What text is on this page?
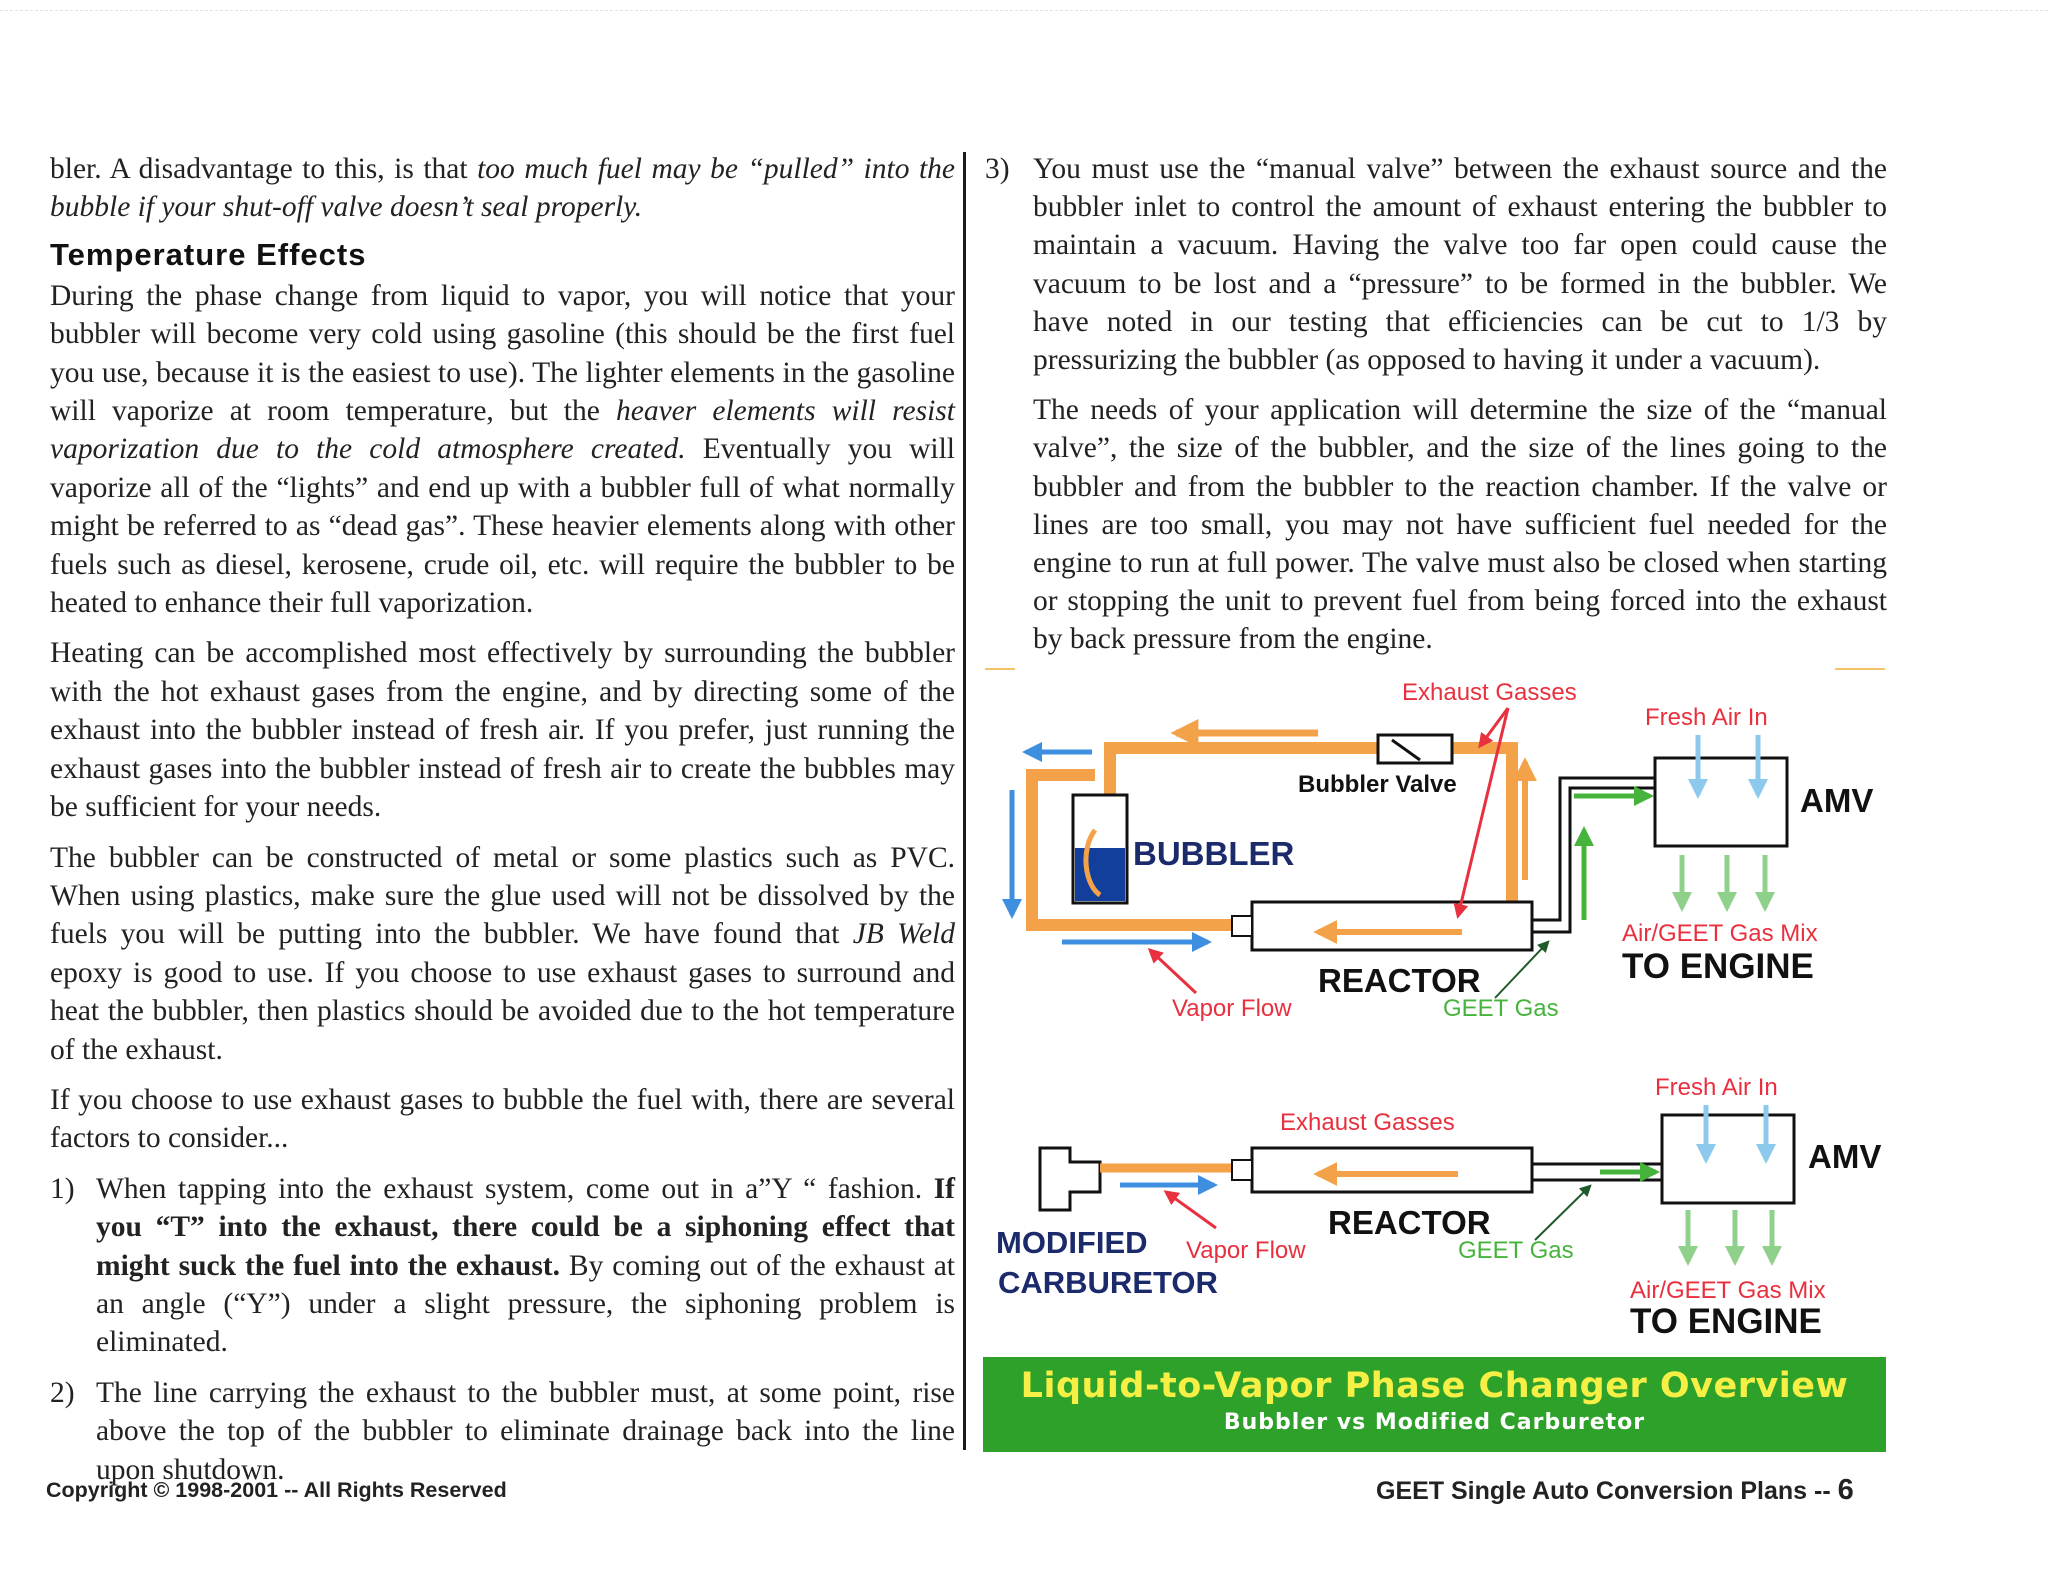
bler. A disadvantage to this, is that too much fuel may be “pulled” into the bubble if your shut-off valve doesn’t seal properly.

Temperature Effects

During the phase change from liquid to vapor, you will notice that your bubbler will become very cold using gasoline (this should be the first fuel you use, because it is the easiest to use). The lighter elements in the gasoline will vaporize at room temperature, but the heaver elements will resist vaporization due to the cold atmosphere created. Eventually you will vaporize all of the “lights” and end up with a bubbler full of what normally might be referred to as “dead gas”. These heavier elements along with other fuels such as diesel, kerosene, crude oil, etc. will require the bubbler to be heated to enhance their full vaporization.

Heating can be accomplished most effectively by surrounding the bubbler with the hot exhaust gases from the engine, and by directing some of the exhaust into the bubbler instead of fresh air. If you prefer, just running the exhaust gases into the bubbler instead of fresh air to create the bubbles may be sufficient for your needs.

The bubbler can be constructed of metal or some plastics such as PVC. When using plastics, make sure the glue used will not be dissolved by the fuels you will be putting into the bubbler. We have found that JB Weld epoxy is good to use. If you choose to use exhaust gases to surround and heat the bubbler, then plastics should be avoided due to the hot temperature of the exhaust.

If you choose to use exhaust gases to bubble the fuel with, there are several factors to consider...

1) When tapping into the exhaust system, come out in a”Y “ fashion. If you “T” into the exhaust, there could be a siphoning effect that might suck the fuel into the exhaust. By coming out of the exhaust at an angle (“Y”) under a slight pressure, the siphoning problem is eliminated.
2) The line carrying the exhaust to the bubbler must, at some point, rise above the top of the bubbler to eliminate drainage back into the line upon shutdown.
3) You must use the “manual valve” between the exhaust source and the bubbler inlet to control the amount of exhaust entering the bubbler to maintain a vacuum. Having the valve too far open could cause the vacuum to be lost and a “pressure” to be formed in the bubbler. We have noted in our testing that efficiencies can be cut to 1/3 by pressurizing the bubbler (as opposed to having it under a vacuum).

The needs of your application will determine the size of the “manual valve”, the size of the bubbler, and the size of the lines going to the bubbler and from the bubbler to the reaction chamber. If the valve or lines are too small, you may not have sufficient fuel needed for the engine to run at full power. The valve must also be closed when starting or stopping the unit to prevent fuel from being forced into the exhaust by back pressure from the engine.

Bubbler Valve
BUBBLER
REACTOR
Exhaust Gasses
Vapor Flow	GEET Gas
AMV
Fresh Air In
Air/GEET Gas Mix
TO ENGINE
MODIFIED
CARBURETOR
Exhaust Gasses
REACTOR
Vapor Flow	GEET Gas
AMV
Fresh Air In
Air/GEET Gas Mix
TO ENGINE
Liquid-to-Vapor Phase Changer Overview
Bubbler vs Modified Carburetor
Copyright © 1998-2001 -- All Rights Reserved	GEET Single Auto Conversion Plans -- 6
